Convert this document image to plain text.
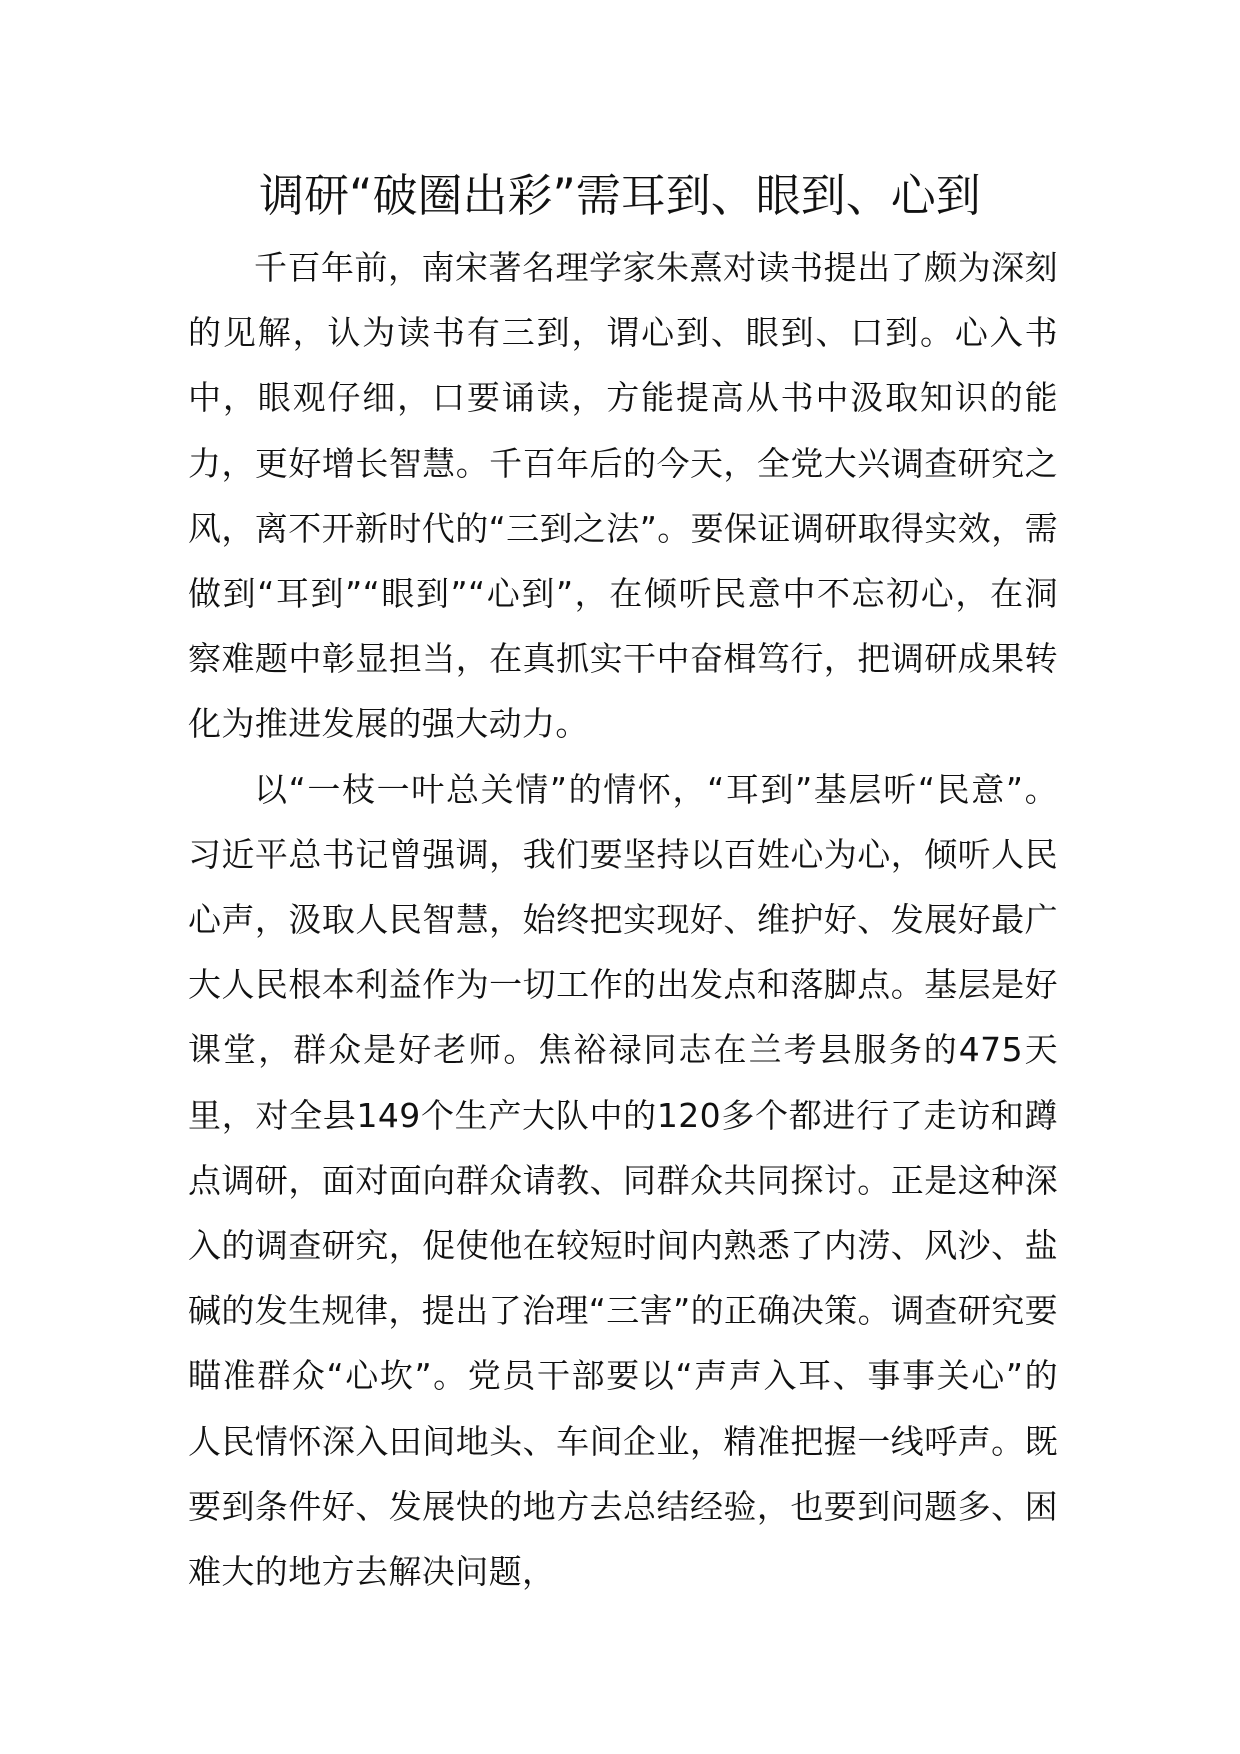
调研“破圈出彩”需耳到、眼到、心到

千百年前，南宋著名理学家朱熹对读书提出了颇为深刻的见解，认为读书有三到，谓心到、眼到、口到。心入书中，眼观仔细，口要诵读，方能提高从书中汲取知识的能力，更好增长智慧。千百年后的今天，全党大兴调查研究之风，离不开新时代的“三到之法”。要保证调研取得实效，需做到“耳到”“眼到”“心到”，在倾听民意中不忘初心，在洞察难题中彰显担当，在真抓实干中奋楫笃行，把调研成果转化为推进发展的强大动力。

以“一枝一叶总关情”的情怀，“耳到”基层听“民意”。习近平总书记曾强调，我们要坚持以百姓心为心，倾听人民心声，汲取人民智慧，始终把实现好、维护好、发展好最广大人民根本利益作为一切工作的出发点和落脚点。基层是好课堂，群众是好老师。焦裕禄同志在兰考县服务的475天里，对全县149个生产大队中的120多个都进行了走访和蹲点调研，面对面向群众请教、同群众共同探讨。正是这种深入的调查研究，促使他在较短时间内熟悉了内涝、风沙、盐碱的发生规律，提出了治理“三害”的正确决策。调查研究要瞄准群众“心坎”。党员干部要以“声声入耳、事事关心”的人民情怀深入田间地头、车间企业，精准把握一线呼声。既要到条件好、发展快的地方去总结经验，也要到问题多、困难大的地方去解决问题，
